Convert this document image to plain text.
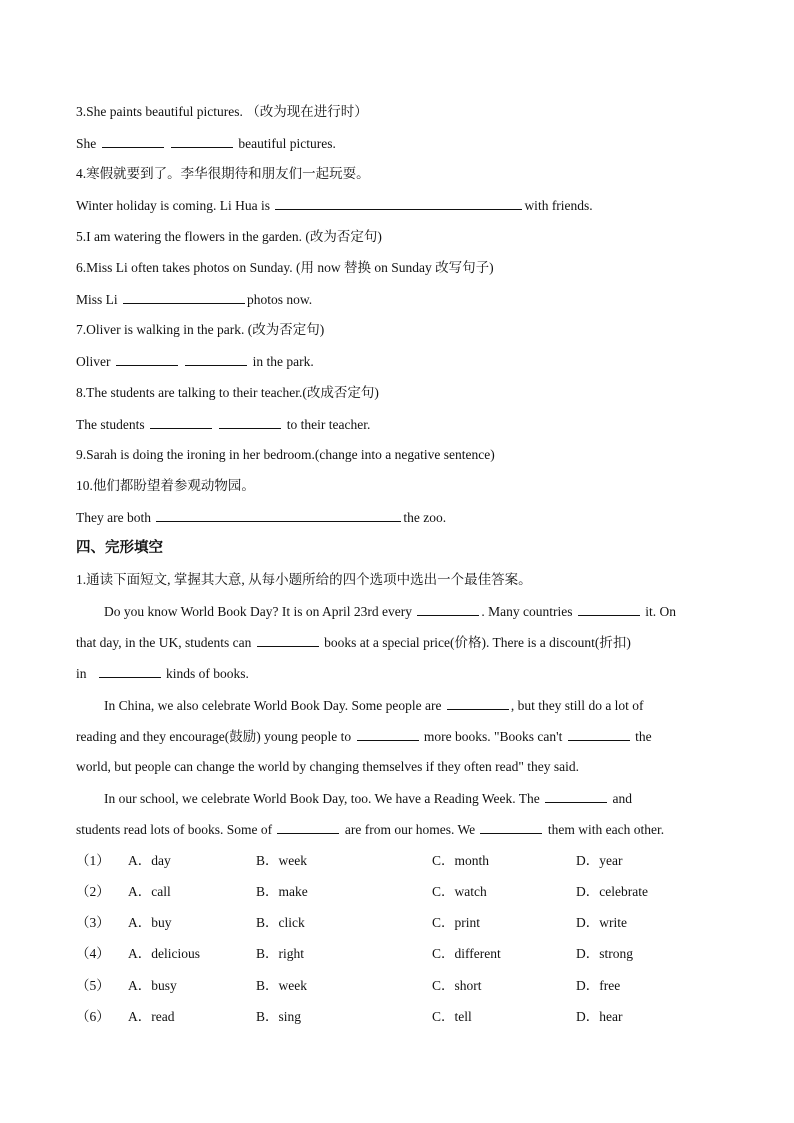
3.She paints beautiful pictures. （改为现在进行时）
She	beautiful pictures.
4.寒假就要到了。李华很期待和朋友们一起玩耍。
Winter holiday is coming. Li Hua is	with friends.
5.I am watering the flowers in the garden. (改为否定句)
6.Miss Li often takes photos on Sunday. (用 now 替换 on Sunday 改写句子)
Miss Li	photos now.
7.Oliver is walking in the park. (改为否定句)
Oliver	in the park.
8.The students are talking to their teacher.(改成否定句)
The students	to their teacher.
9.Sarah is doing the ironing in her bedroom.(change into a negative sentence)
10.他们都盼望着参观动物园。
They are both	the zoo.
四、完形填空
1.通读下面短文, 掌握其大意, 从每小题所给的四个选项中选出一个最佳答案。
Do you know World Book Day? It is on April 23rd every	. Many countries	it. On
that day, in the UK, students can	books at a special price(价格). There is a discount(折扣)
in	kinds of books.
In China, we also celebrate World Book Day. Some people are	, but they still do a lot of
reading and they encourage(鼓励) young people to	more books. "Books can't	the
world, but people can change the world by changing themselves if they often read" they said.
In our school, we celebrate World Book Day, too. We have a Reading Week. The	and
students read lots of books. Some of	are from our homes. We	them with each other.
（1） A．day	B．week	C．month	D．year
（2） A．call	B．make	C．watch	D．celebrate
（3） A．buy	B．click	C．print	D．write
（4） A．delicious	B．right	C．different	D．strong
（5） A．busy	B．week	C．short	D．free
（6） A．read	B．sing	C．tell	D．hear
